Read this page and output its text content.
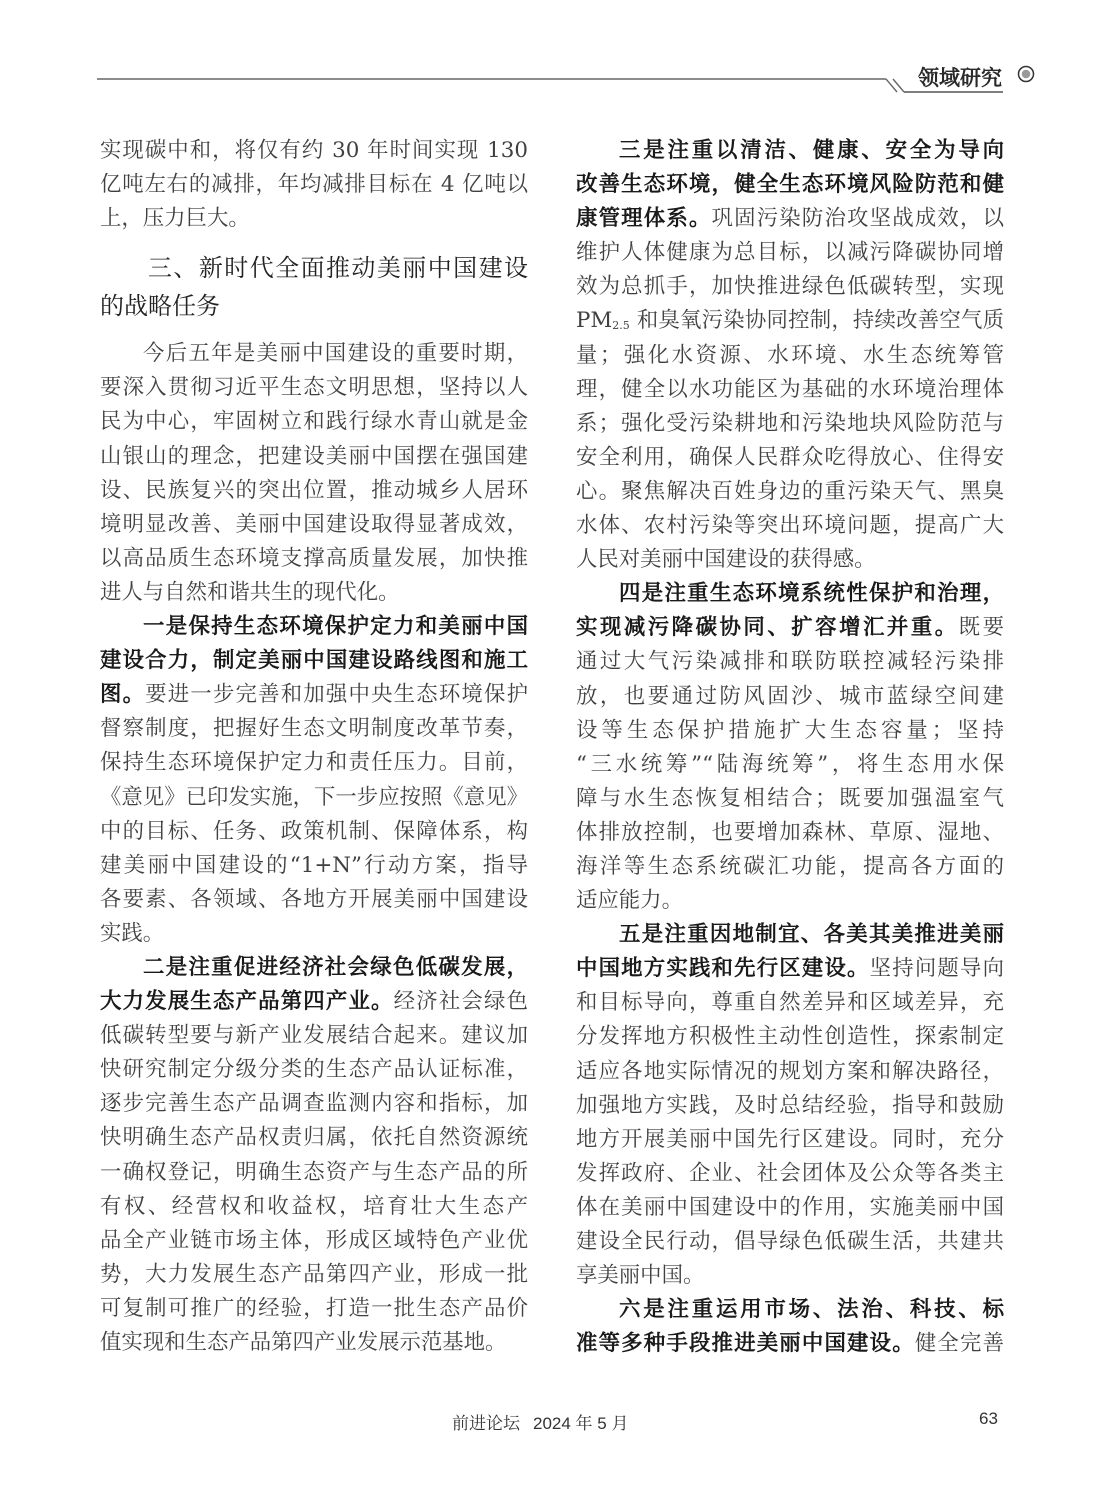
领域研究
实现碳中和，将仅有约 30 年时间实现 130
亿吨左右的减排，年均减排目标在 4 亿吨以
上，压力巨大。
三、新时代全面推动美丽中国建设
的战略任务
今后五年是美丽中国建设的重要时期，
要深入贯彻习近平生态文明思想，坚持以人
民为中心，牢固树立和践行绿水青山就是金
山银山的理念，把建设美丽中国摆在强国建
设、民族复兴的突出位置，推动城乡人居环
境明显改善、美丽中国建设取得显著成效，
以高品质生态环境支撑高质量发展，加快推
进人与自然和谐共生的现代化。
一是保持生态环境保护定力和美丽中国
建设合力，制定美丽中国建设路线图和施工
图。要进一步完善和加强中央生态环境保护
督察制度，把握好生态文明制度改革节奏，
保持生态环境保护定力和责任压力。目前，
《意见》已印发实施，下一步应按照《意见》
中的目标、任务、政策机制、保障体系，构
建美丽中国建设的“1+N”行动方案，指导
各要素、各领域、各地方开展美丽中国建设
实践。
二是注重促进经济社会绿色低碳发展，
大力发展生态产品第四产业。经济社会绿色
低碳转型要与新产业发展结合起来。建议加
快研究制定分级分类的生态产品认证标准，
逐步完善生态产品调查监测内容和指标，加
快明确生态产品权责归属，依托自然资源统
一确权登记，明确生态资产与生态产品的所
有权、经营权和收益权，培育壮大生态产
品全产业链市场主体，形成区域特色产业优
势，大力发展生态产品第四产业，形成一批
可复制可推广的经验，打造一批生态产品价
值实现和生态产品第四产业发展示范基地。
三是注重以清洁、健康、安全为导向
改善生态环境，健全生态环境风险防范和健
康管理体系。巩固污染防治攻坚战成效，以
维护人体健康为总目标，以减污降碳协同增
效为总抓手，加快推进绿色低碳转型，实现
$PM_{2.5}$ 和臭氧污染协同控制，持续改善空气质
量；强化水资源、水环境、水生态统筹管
理，健全以水功能区为基础的水环境治理体
系；强化受污染耕地和污染地块风险防范与
安全利用，确保人民群众吃得放心、住得安
心。聚焦解决百姓身边的重污染天气、黑臭
水体、农村污染等突出环境问题，提高广大
人民对美丽中国建设的获得感。
四是注重生态环境系统性保护和治理，
实现减污降碳协同、扩容增汇并重。既要
通过大气污染减排和联防联控减轻污染排
放，也要通过防风固沙、城市蓝绿空间建
设等生态保护措施扩大生态容量；坚持
“三水统筹”“陆海统筹”，将生态用水保
障与水生态恢复相结合；既要加强温室气
体排放控制，也要增加森林、草原、湿地、
海洋等生态系统碳汇功能，提高各方面的
适应能力。
五是注重因地制宜、各美其美推进美丽
中国地方实践和先行区建设。坚持问题导向
和目标导向，尊重自然差异和区域差异，充
分发挥地方积极性主动性创造性，探索制定
适应各地实际情况的规划方案和解决路径，
加强地方实践，及时总结经验，指导和鼓励
地方开展美丽中国先行区建设。同时，充分
发挥政府、企业、社会团体及公众等各类主
体在美丽中国建设中的作用，实施美丽中国
建设全民行动，倡导绿色低碳生活，共建共
享美丽中国。
六是注重运用市场、法治、科技、标
准等多种手段推进美丽中国建设。健全完善
前进论坛 2024 年 5 月	63
